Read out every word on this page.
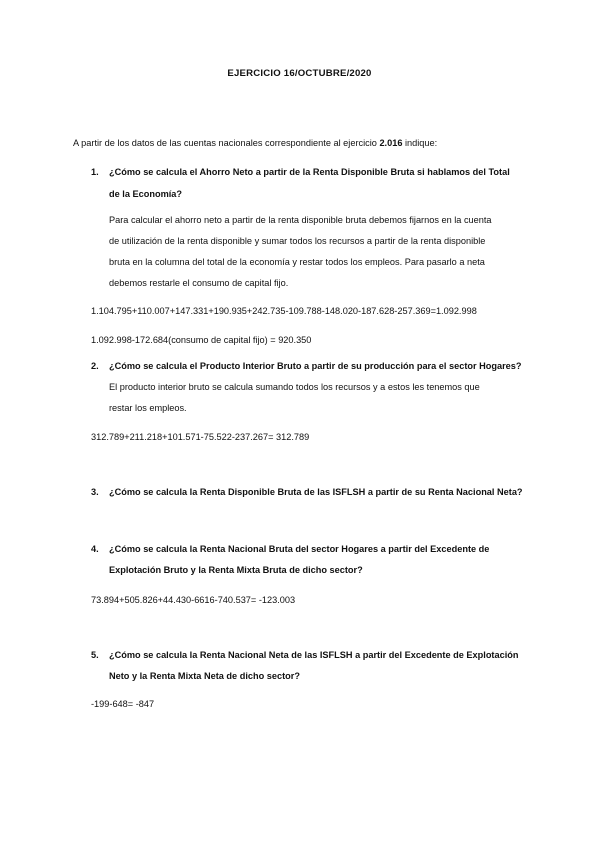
EJERCICIO 16/OCTUBRE/2020
A partir de los datos de las cuentas nacionales correspondiente al ejercicio 2.016 indique:
1. ¿Cómo se calcula el Ahorro Neto a partir de la Renta Disponible Bruta si hablamos del Total
de la Economía?
Para calcular el ahorro neto a partir de la renta disponible bruta debemos fijarnos en la cuenta
de utilización de la renta disponible y sumar todos los recursos a partir de la renta disponible
bruta en la columna del total de la economía y restar todos los empleos. Para pasarlo a neta
debemos restarle el consumo de capital fijo.
1.104.795+110.007+147.331+190.935+242.735-109.788-148.020-187.628-257.369=1.092.998
1.092.998-172.684(consumo de capital fijo) = 920.350
2. ¿Cómo se calcula el Producto Interior Bruto a partir de su producción para el sector Hogares?
El producto interior bruto se calcula sumando todos los recursos y a estos les tenemos que
restar los empleos.
312.789+211.218+101.571-75.522-237.267= 312.789
3. ¿Cómo se calcula la Renta Disponible Bruta de las ISFLSH a partir de su Renta Nacional Neta?
4. ¿Cómo se calcula la Renta Nacional Bruta del sector Hogares a partir del Excedente de
Explotación Bruto y la Renta Mixta Bruta de dicho sector?
73.894+505.826+44.430-6616-740.537= -123.003
5. ¿Cómo se calcula la Renta Nacional Neta de las ISFLSH a partir del Excedente de Explotación
Neto y la Renta Mixta Neta de dicho sector?
-199-648= -847
